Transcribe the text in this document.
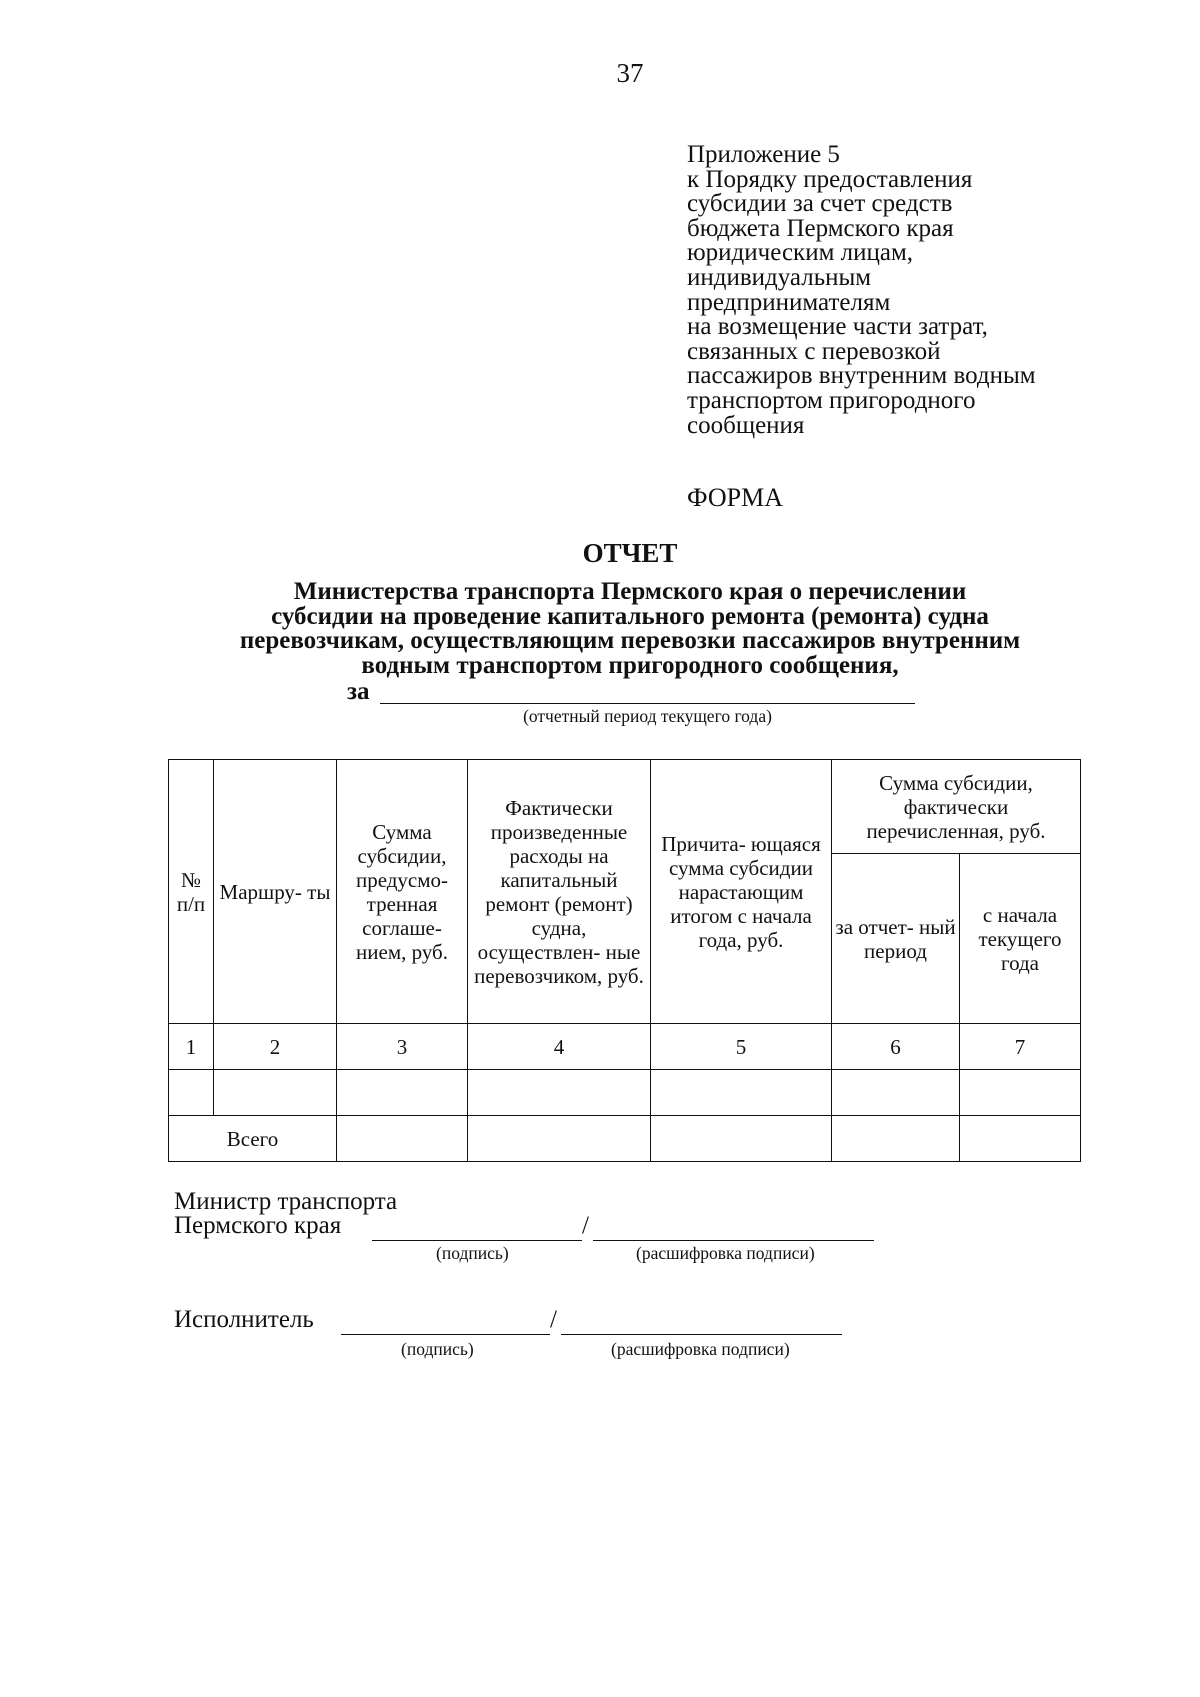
37
Приложение 5
к Порядку предоставления
субсидии за счет средств
бюджета Пермского края
юридическим лицам,
индивидуальным
предпринимателям
на возмещение части затрат,
связанных с перевозкой
пассажиров внутренним водным
транспортом пригородного
сообщения
ФОРМА
ОТЧЕТ
Министерства транспорта Пермского края о перечислении
субсидии на проведение капитального ремонта (ремонта) судна
перевозчикам, осуществляющим перевозки пассажиров внутренним
водным транспортом пригородного сообщения,
за
(отчетный период текущего года)
№ п/п	Маршру- ты	Сумма субсидии, предусмо- тренная соглаше- нием, руб.	Фактически произведенные расходы на капитальный ремонт (ремонт) судна, осуществлен- ные перевозчиком, руб.	Причита- ющаяся сумма субсидии нарастающим итогом с начала года, руб.	Сумма субсидии, фактически перечисленная, руб.	
					за отчет- ный период	с начала текущего года
1	2	3	4	5	6	7

Всего						
Министр транспорта
Пермского края	/
(подпись)	(расшифровка подписи)
Исполнитель	/
(подпись)	(расшифровка подписи)
